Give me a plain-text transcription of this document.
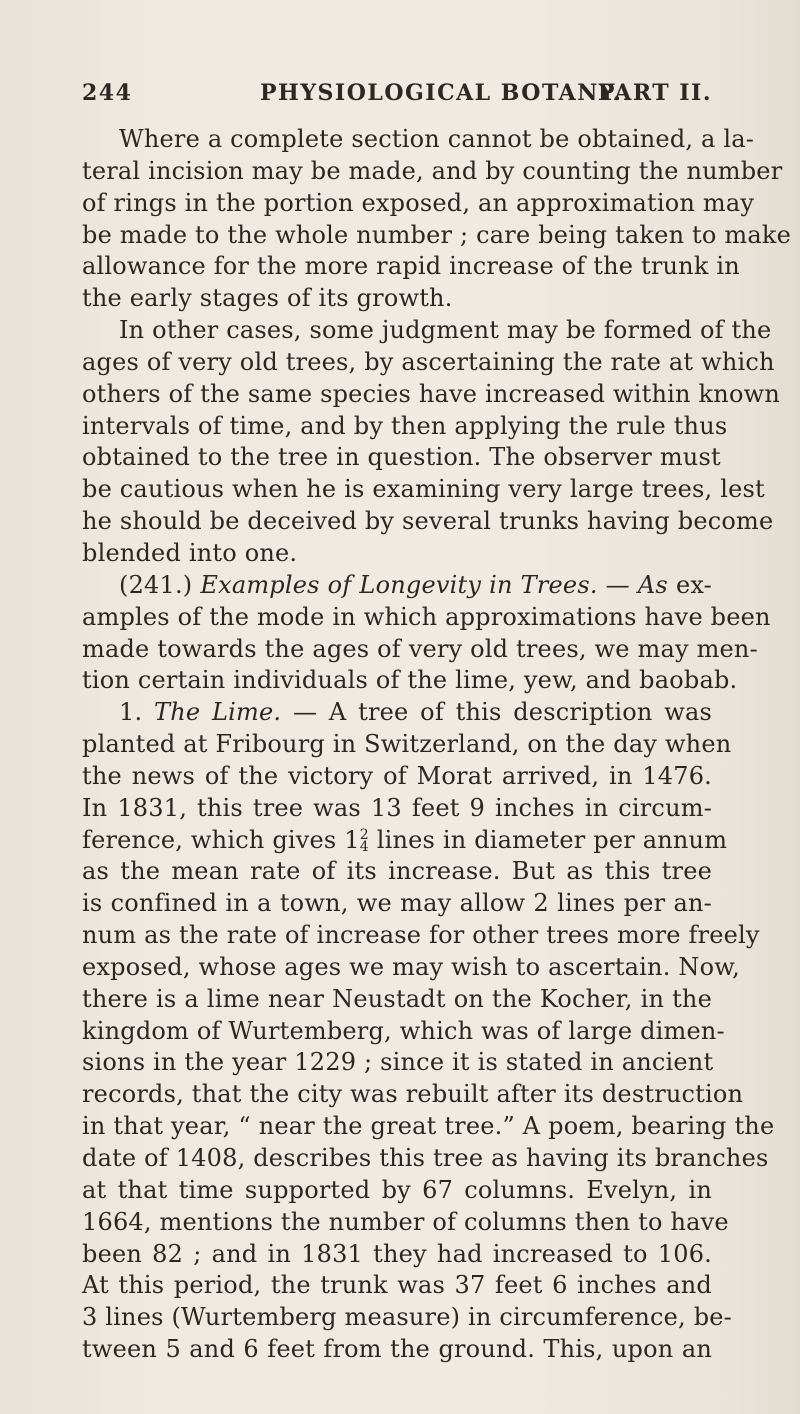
244	PHYSIOLOGICAL BOTANY.
PART II.
Where a complete section cannot be obtained, a la-
teral incision may be made, and by counting the number
of rings in the portion exposed, an approximation may
be made to the whole number ; care being taken to make
allowance for the more rapid increase of the trunk in
the early stages of its growth.
In other cases, some judgment may be formed of the
ages of very old trees, by ascertaining the rate at which
others of the same species have increased within known
intervals of time, and by then applying the rule thus
obtained to the tree in question. The observer must
be cautious when he is examining very large trees, lest
he should be deceived by several trunks having become
blended into one.
(241.) Examples of Longevity in Trees. — As ex-
amples of the mode in which approximations have been
made towards the ages of very old trees, we may men-
tion certain individuals of the lime, yew, and baobab.
1. The Lime. — A tree of this description was
planted at Fribourg in Switzerland, on the day when
the news of the victory of Morat arrived, in 1476.
In 1831, this tree was 13 feet 9 inches in circum-
ference, which gives 12
4 lines in diameter per annum
as the mean rate of its increase. But as this tree
is confined in a town, we may allow 2 lines per an-
num as the rate of increase for other trees more freely
exposed, whose ages we may wish to ascertain. Now,
there is a lime near Neustadt on the Kocher, in the
kingdom of Wurtemberg, which was of large dimen-
sions in the year 1229 ; since it is stated in ancient
records, that the city was rebuilt after its destruction
in that year, “ near the great tree.” A poem, bearing the
date of 1408, describes this tree as having its branches
at that time supported by 67 columns. Evelyn, in
1664, mentions the number of columns then to have
been 82 ; and in 1831 they had increased to 106.
At this period, the trunk was 37 feet 6 inches and
3 lines (Wurtemberg measure) in circumference, be-
tween 5 and 6 feet from the ground. This, upon an
